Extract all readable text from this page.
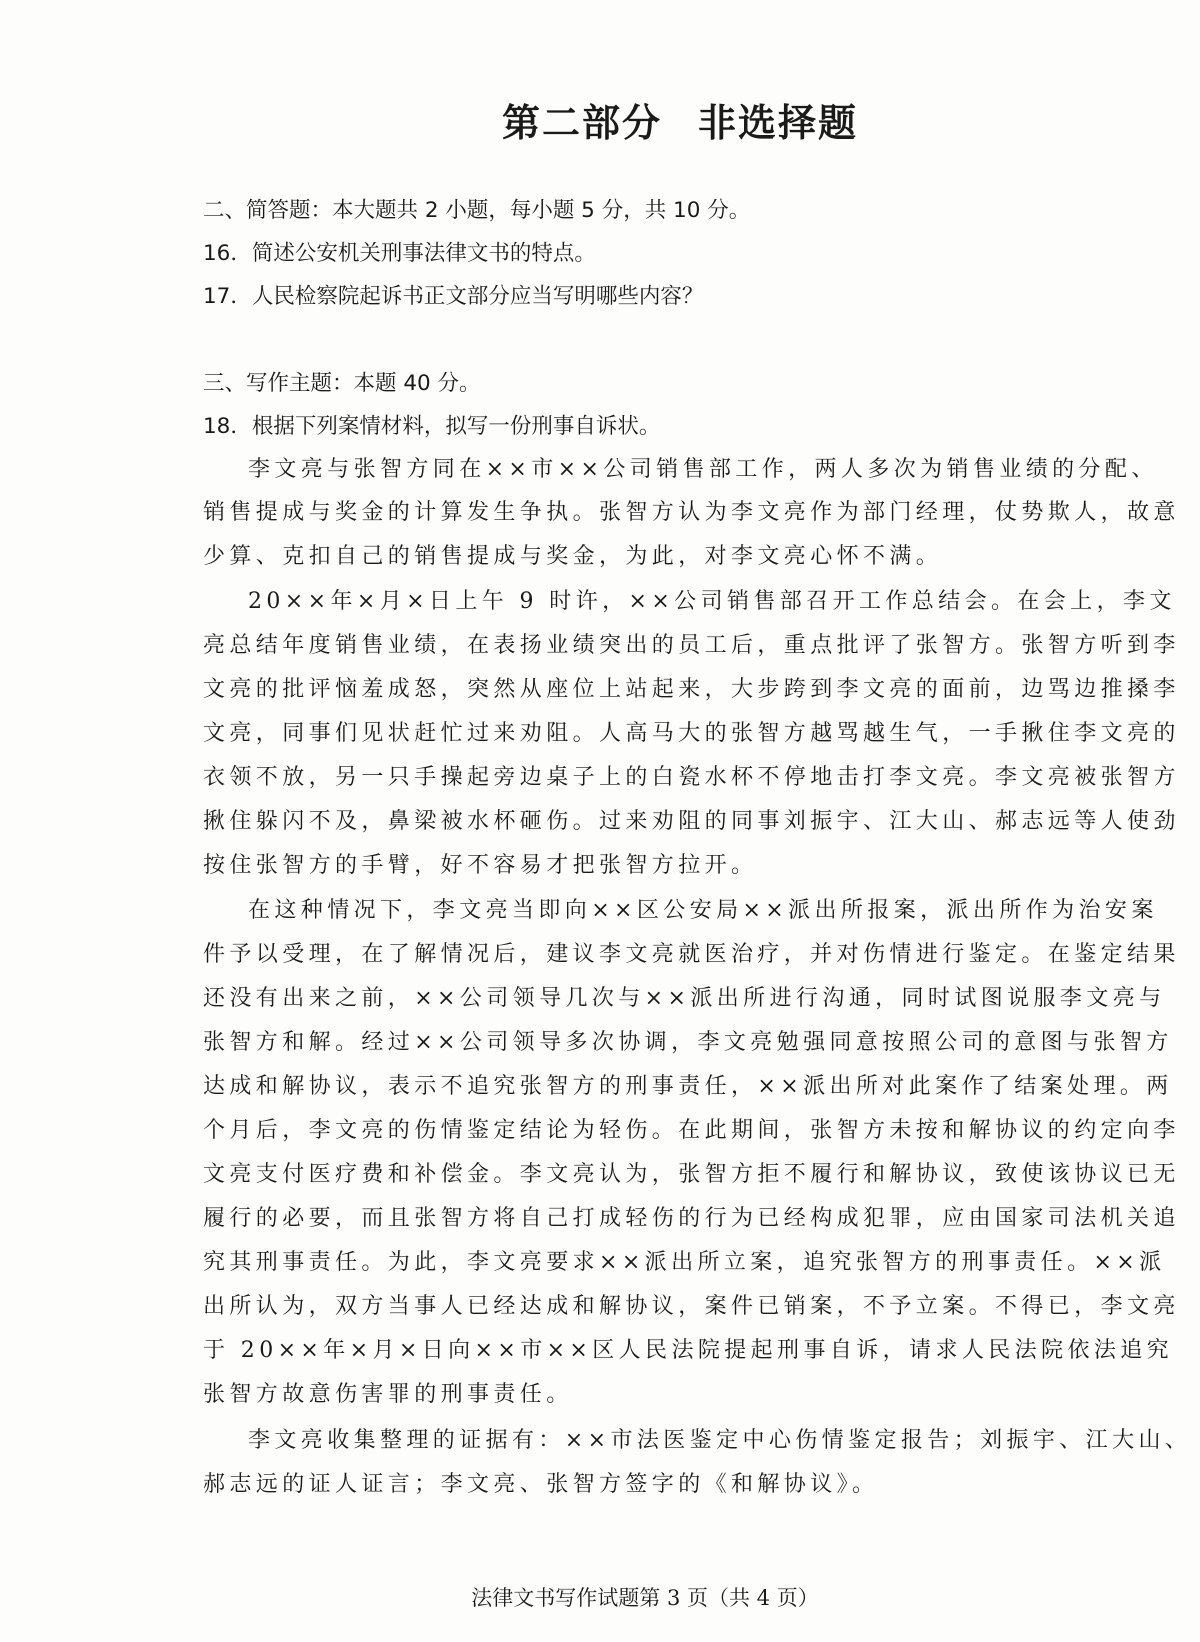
第二部分 非选择题
二、简答题：本大题共 2 小题，每小题 5 分，共 10 分。
16．简述公安机关刑事法律文书的特点。
17．人民检察院起诉书正文部分应当写明哪些内容？
三、写作主题：本题 40 分。
18．根据下列案情材料，拟写一份刑事自诉状。
李文亮与张智方同在××市××公司销售部工作，两人多次为销售业绩的分配、
销售提成与奖金的计算发生争执。张智方认为李文亮作为部门经理，仗势欺人，故意
少算、克扣自己的销售提成与奖金，为此，对李文亮心怀不满。
20××年×月×日上午 9 时许，××公司销售部召开工作总结会。在会上，李文
亮总结年度销售业绩，在表扬业绩突出的员工后，重点批评了张智方。张智方听到李
文亮的批评恼羞成怒，突然从座位上站起来，大步跨到李文亮的面前，边骂边推搡李
文亮，同事们见状赶忙过来劝阻。人高马大的张智方越骂越生气，一手揪住李文亮的
衣领不放，另一只手操起旁边桌子上的白瓷水杯不停地击打李文亮。李文亮被张智方
揪住躲闪不及，鼻梁被水杯砸伤。过来劝阻的同事刘振宇、江大山、郝志远等人使劲
按住张智方的手臂，好不容易才把张智方拉开。
在这种情况下，李文亮当即向××区公安局××派出所报案，派出所作为治安案
件予以受理，在了解情况后，建议李文亮就医治疗，并对伤情进行鉴定。在鉴定结果
还没有出来之前，××公司领导几次与××派出所进行沟通，同时试图说服李文亮与
张智方和解。经过××公司领导多次协调，李文亮勉强同意按照公司的意图与张智方
达成和解协议，表示不追究张智方的刑事责任，××派出所对此案作了结案处理。两
个月后，李文亮的伤情鉴定结论为轻伤。在此期间，张智方未按和解协议的约定向李
文亮支付医疗费和补偿金。李文亮认为，张智方拒不履行和解协议，致使该协议已无
履行的必要，而且张智方将自己打成轻伤的行为已经构成犯罪，应由国家司法机关追
究其刑事责任。为此，李文亮要求××派出所立案，追究张智方的刑事责任。××派
出所认为，双方当事人已经达成和解协议，案件已销案，不予立案。不得已，李文亮
于 20××年×月×日向××市××区人民法院提起刑事自诉，请求人民法院依法追究
张智方故意伤害罪的刑事责任。
李文亮收集整理的证据有：××市法医鉴定中心伤情鉴定报告；刘振宇、江大山、
郝志远的证人证言；李文亮、张智方签字的《和解协议》。
法律文书写作试题第 3 页（共 4 页）
